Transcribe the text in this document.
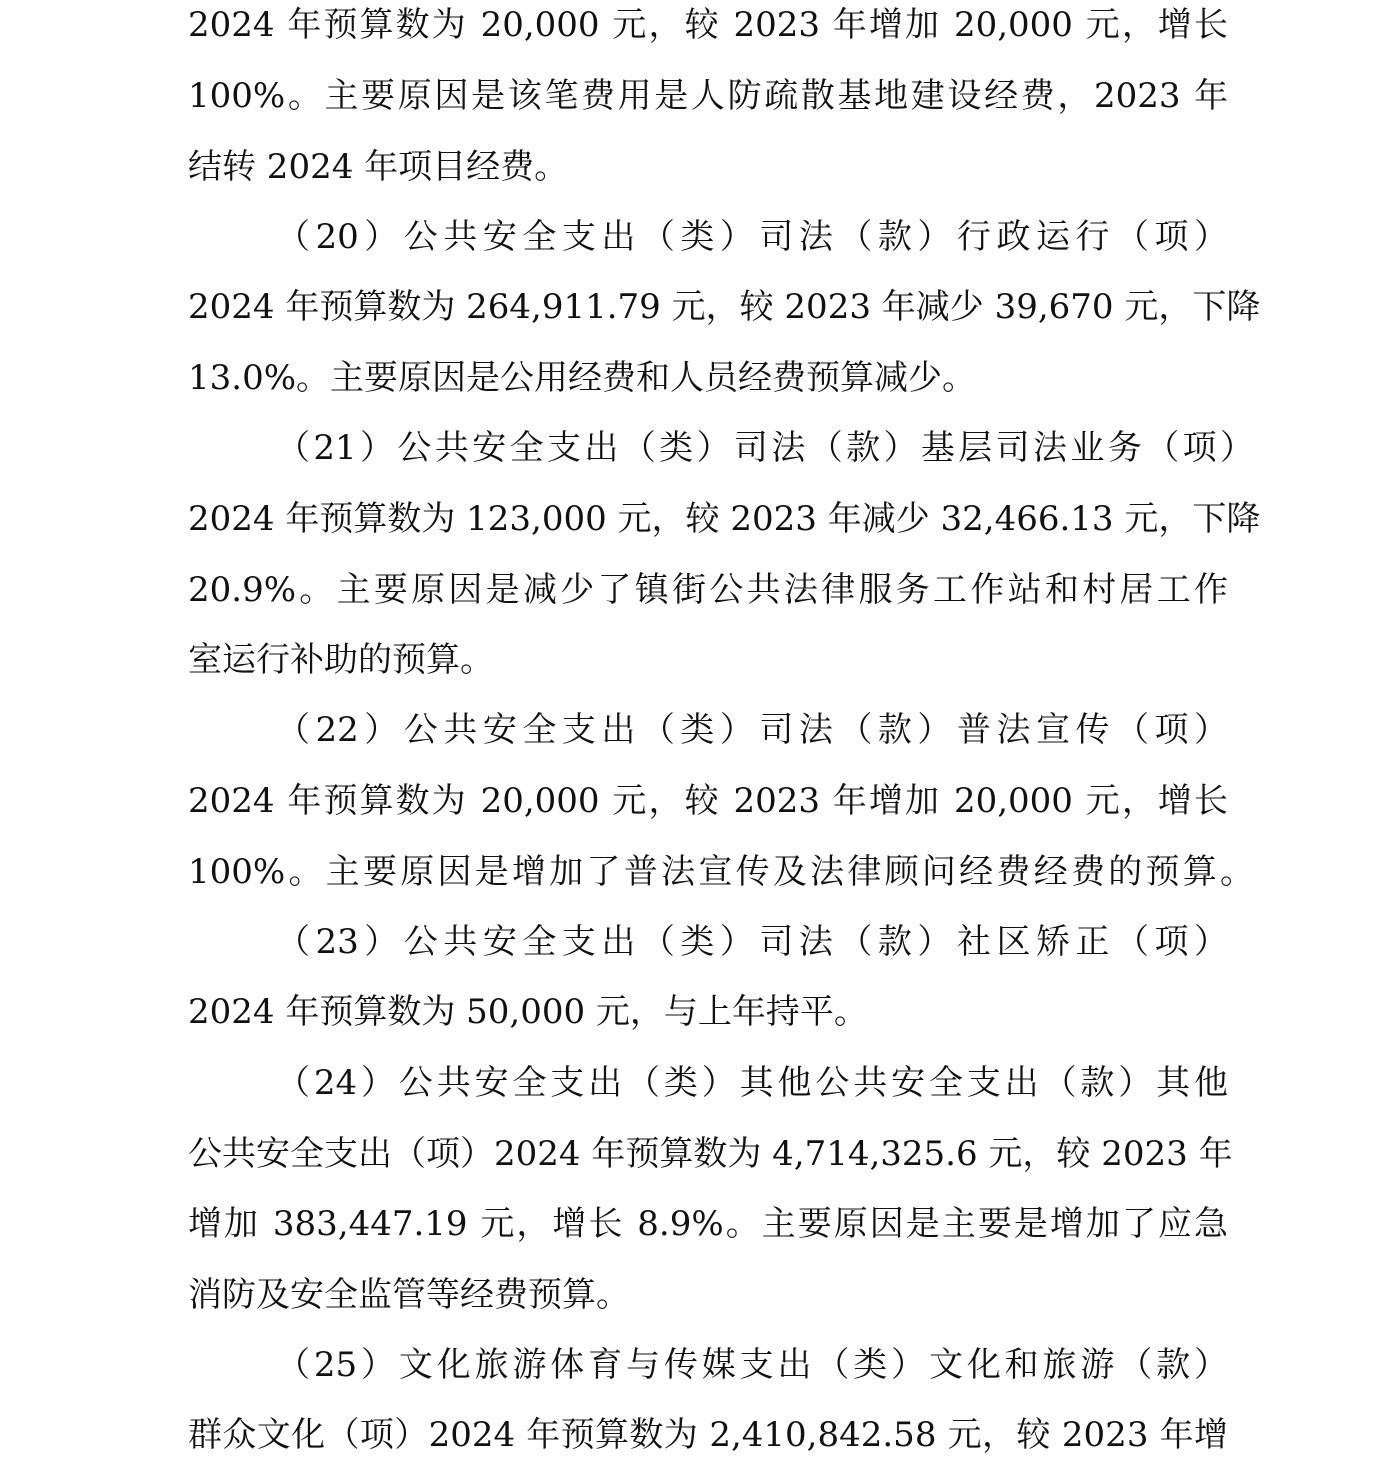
2024 年预算数为 20,000 元，较 2023 年增加 20,000 元，增长
100%。主要原因是该笔费用是人防疏散基地建设经费，2023 年
结转 2024 年项目经费。
（20）公共安全支出（类）司法（款）行政运行（项）
2024 年预算数为 264,911.79 元，较 2023 年减少 39,670 元，下降
13.0%。主要原因是公用经费和人员经费预算减少。
（21）公共安全支出（类）司法（款）基层司法业务（项）
2024 年预算数为 123,000 元，较 2023 年减少 32,466.13 元，下降
20.9%。主要原因是减少了镇街公共法律服务工作站和村居工作
室运行补助的预算。
（22）公共安全支出（类）司法（款）普法宣传（项）
2024 年预算数为 20,000 元，较 2023 年增加 20,000 元，增长
100%。主要原因是增加了普法宣传及法律顾问经费经费的预算。
（23）公共安全支出（类）司法（款）社区矫正（项）
2024 年预算数为 50,000 元，与上年持平。
（24）公共安全支出（类）其他公共安全支出（款）其他
公共安全支出（项）2024 年预算数为 4,714,325.6 元，较 2023 年
增加 383,447.19 元，增长 8.9%。主要原因是主要是增加了应急
消防及安全监管等经费预算。
（25）文化旅游体育与传媒支出（类）文化和旅游（款）
群众文化（项）2024 年预算数为 2,410,842.58 元，较 2023 年增
